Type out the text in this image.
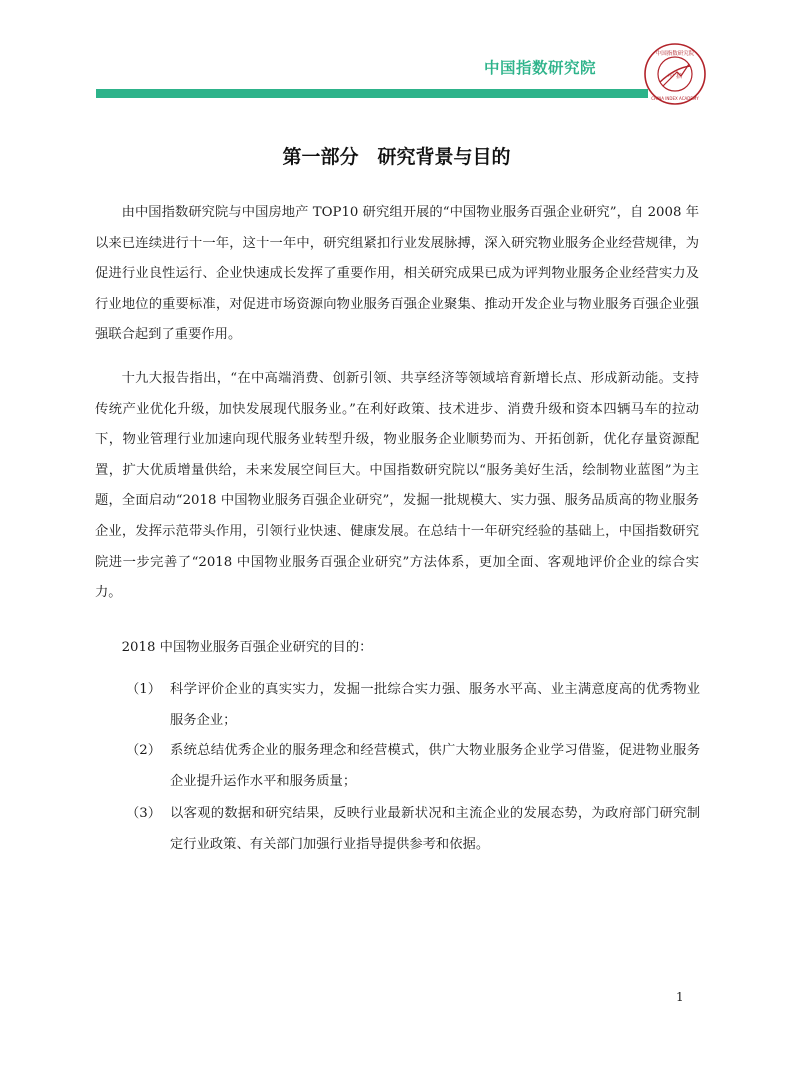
中国指数研究院
中国指数研究院
CHINA INDEX ACADEMY
中 指
第一部分　研究背景与目的
由中国指数研究院与中国房地产 TOP10 研究组开展的“中国物业服务百强企业研究”，自 2008 年以来已连续进行十一年，这十一年中，研究组紧扣行业发展脉搏，深入研究物业服务企业经营规律，为促进行业良性运行、企业快速成长发挥了重要作用，相关研究成果已成为评判物业服务企业经营实力及行业地位的重要标准，对促进市场资源向物业服务百强企业聚集、推动开发企业与物业服务百强企业强强联合起到了重要作用。
十九大报告指出，“在中高端消费、创新引领、共享经济等领域培育新增长点、形成新动能。支持传统产业优化升级，加快发展现代服务业。”在利好政策、技术进步、消费升级和资本四辆马车的拉动下，物业管理行业加速向现代服务业转型升级，物业服务企业顺势而为、开拓创新，优化存量资源配置，扩大优质增量供给，未来发展空间巨大。中国指数研究院以“服务美好生活，绘制物业蓝图”为主题，全面启动“2018 中国物业服务百强企业研究”，发掘一批规模大、实力强、服务品质高的物业服务企业，发挥示范带头作用，引领行业快速、健康发展。在总结十一年研究经验的基础上，中国指数研究院进一步完善了“2018 中国物业服务百强企业研究”方法体系，更加全面、客观地评价企业的综合实力。
2018 中国物业服务百强企业研究的目的：
（1） 科学评价企业的真实实力，发掘一批综合实力强、服务水平高、业主满意度高的优秀物业服务企业；
（2） 系统总结优秀企业的服务理念和经营模式，供广大物业服务企业学习借鉴，促进物业服务企业提升运作水平和服务质量；
（3） 以客观的数据和研究结果，反映行业最新状况和主流企业的发展态势，为政府部门研究制定行业政策、有关部门加强行业指导提供参考和依据。
1
